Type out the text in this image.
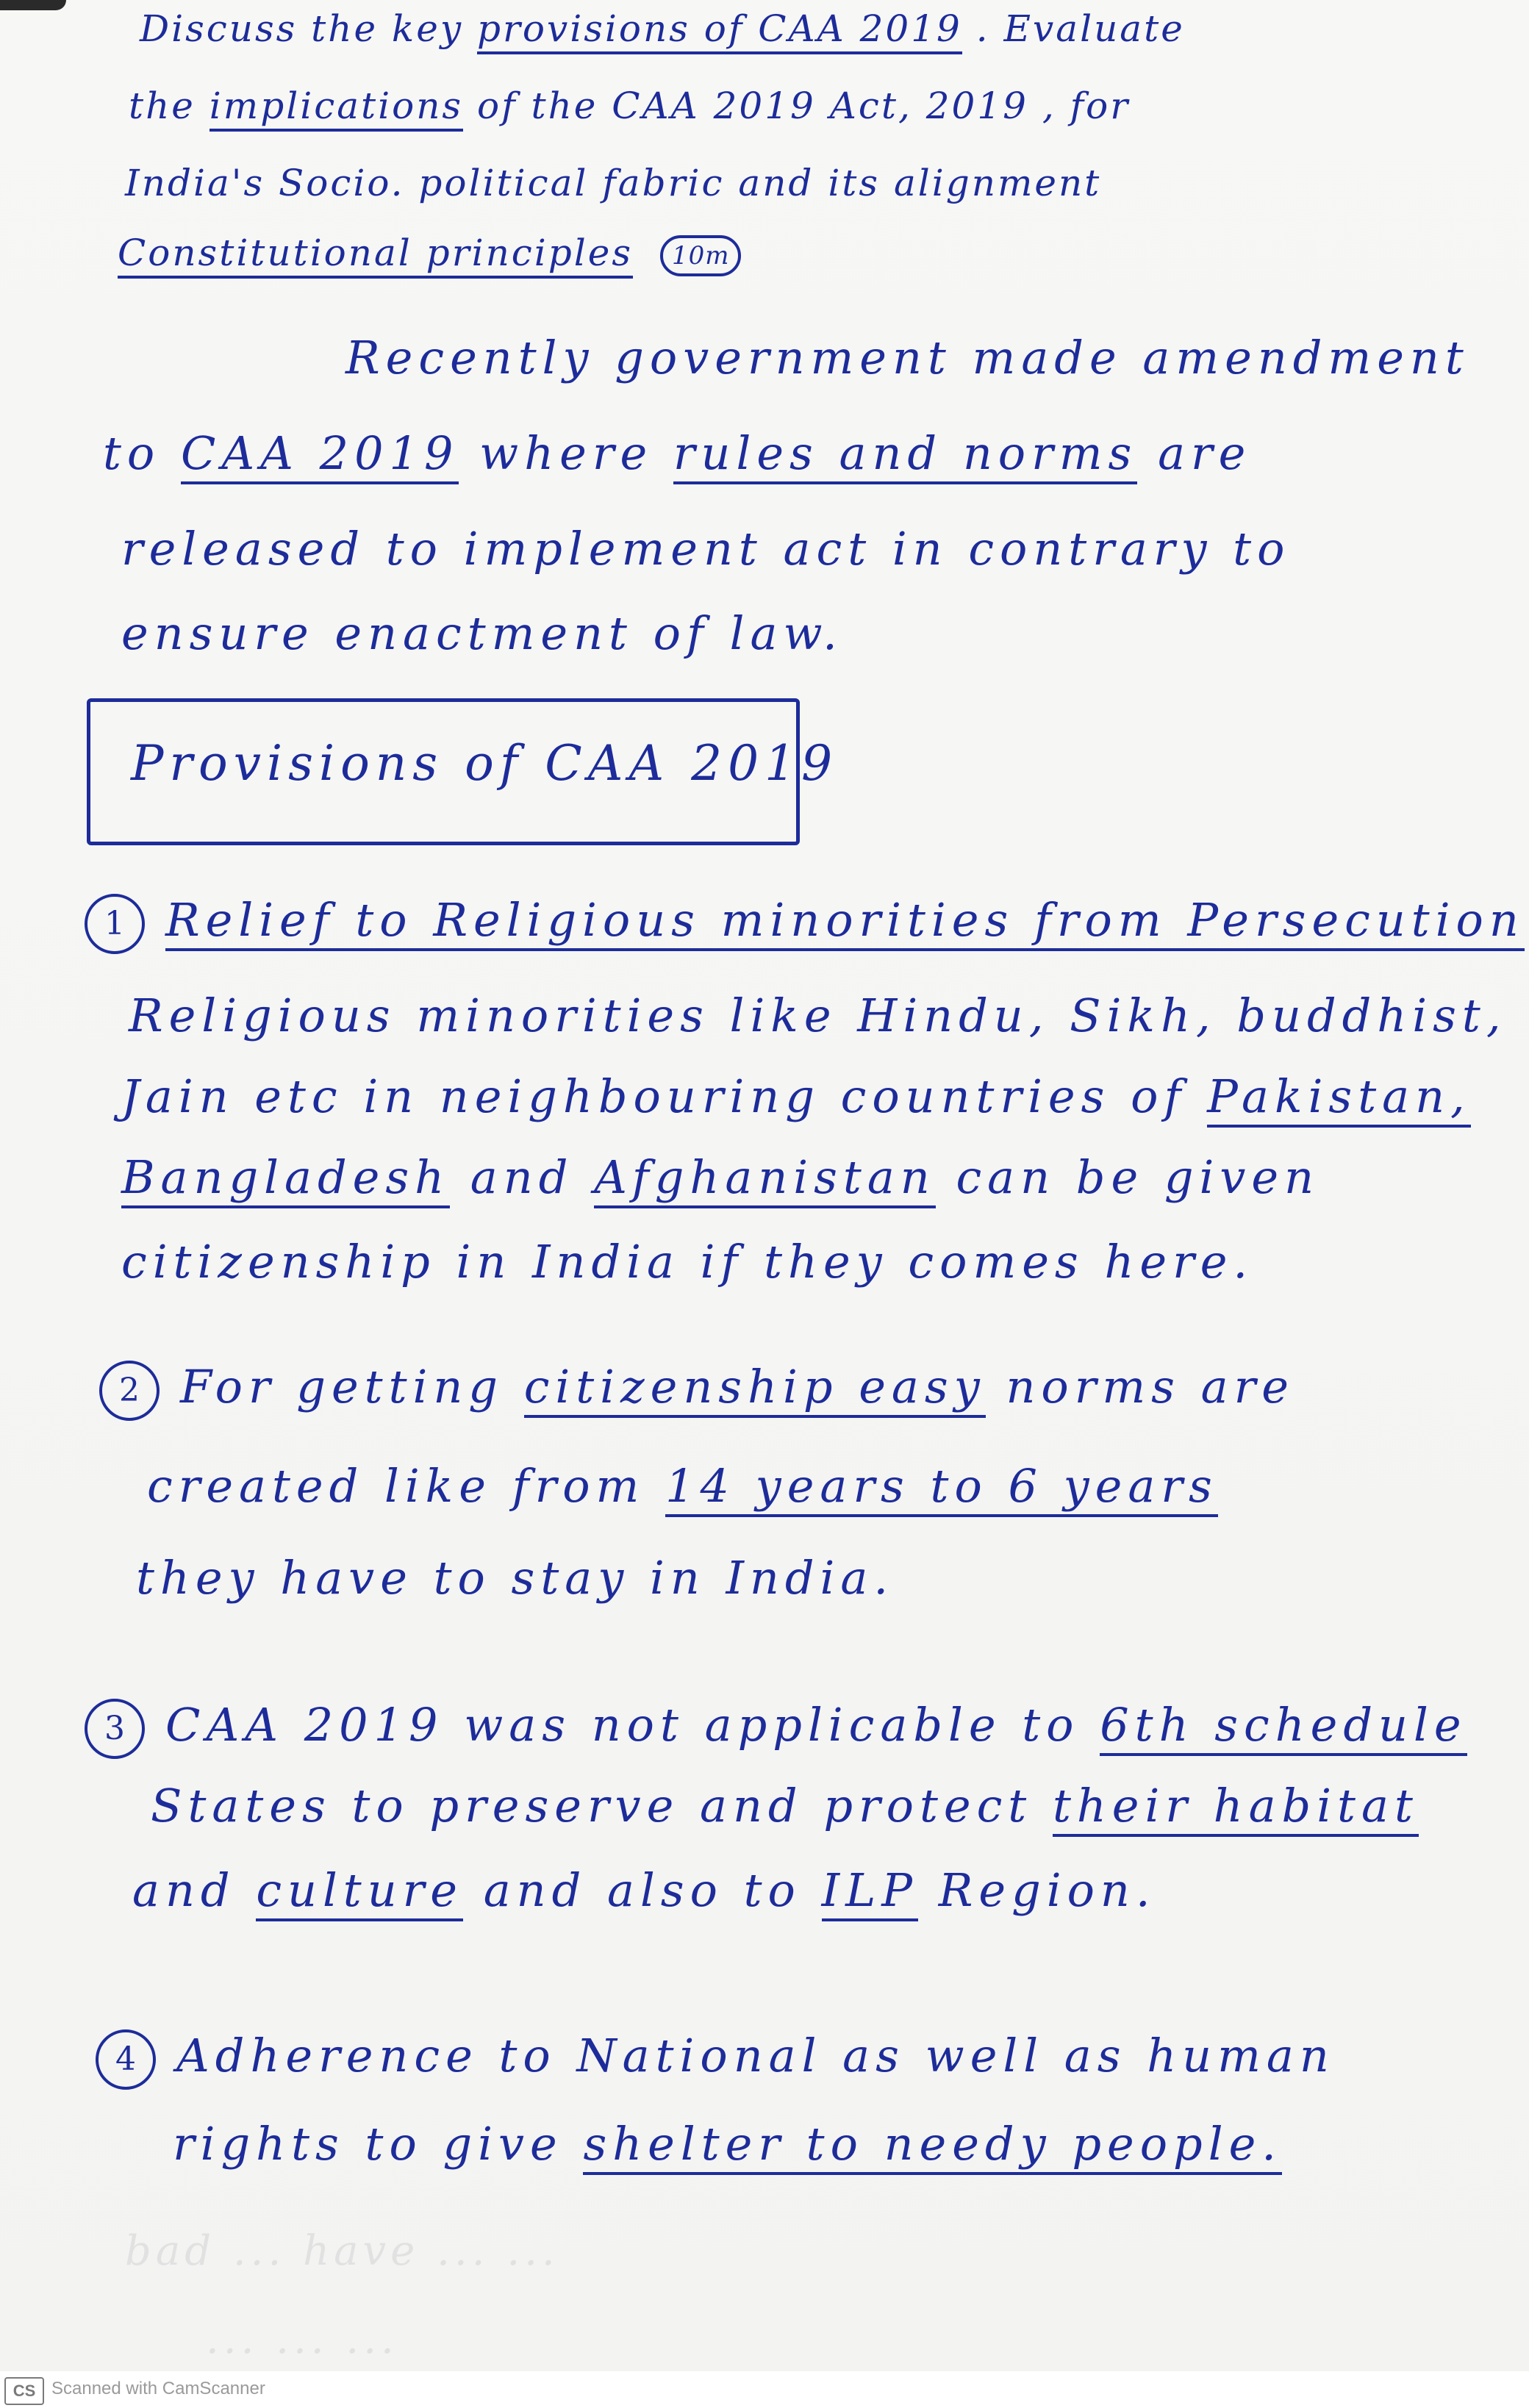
Discuss the key provisions of CAA 2019 . Evaluate
the implications of the CAA 2019 Act, 2019 , for
India's Socio. political fabric and its alignment
Constitutional principles 10m
Recently government made amendment
to CAA 2019 where rules and norms are
released to implement act in contrary to
ensure enactment of law.
Provisions of CAA 2019
1 Relief to Religious minorities from Persecution
Religious minorities like Hindu, Sikh, buddhist,
Jain etc in neighbouring countries of Pakistan,
Bangladesh and Afghanistan can be given
citizenship in India if they comes here.
2 For getting citizenship easy norms are
created like from 14 years to 6 years
they have to stay in India.
3 CAA 2019 was not applicable to 6th schedule
States to preserve and protect their habitat
and culture and also to ILP Region.
4 Adherence to National as well as human
rights to give shelter to needy people.
bad ... have ... ...
... ... ...
CS Scanned with CamScanner
